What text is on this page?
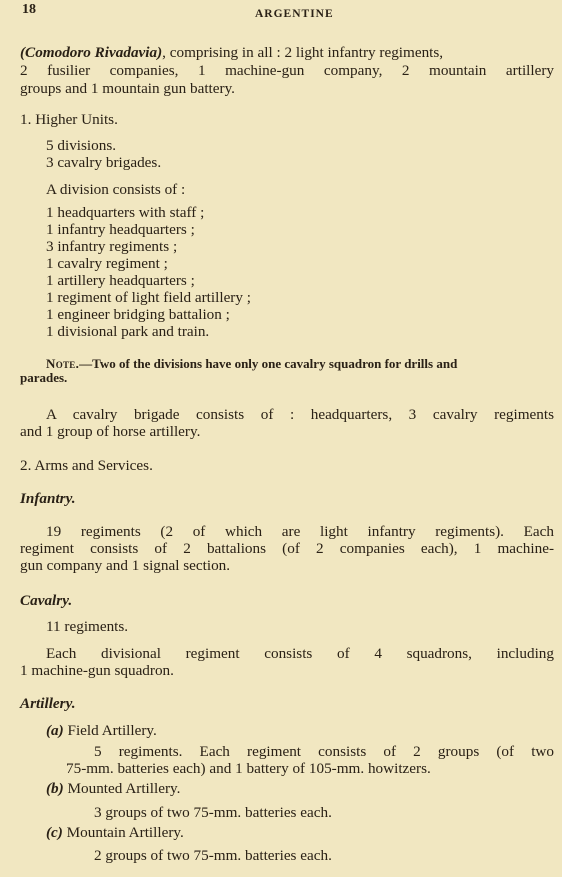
18	ARGENTINE
(Comodoro Rivadavia), comprising in all : 2 light infantry regiments,
2 fusilier companies, 1 machine-gun company, 2 mountain artillery
groups and 1 mountain gun battery.
1. Higher Units.
5 divisions.
3 cavalry brigades.
A division consists of :
1 headquarters with staff ;
1 infantry headquarters ;
3 infantry regiments ;
1 cavalry regiment ;
1 artillery headquarters ;
1 regiment of light field artillery ;
1 engineer bridging battalion ;
1 divisional park and train.
Note.—Two of the divisions have only one cavalry squadron for drills and
parades.
A cavalry brigade consists of : headquarters, 3 cavalry regiments
and 1 group of horse artillery.
2. Arms and Services.
Infantry.
19 regiments (2 of which are light infantry regiments). Each
regiment consists of 2 battalions (of 2 companies each), 1 machine-
gun company and 1 signal section.
Cavalry.
11 regiments.
Each divisional regiment consists of 4 squadrons, including
1 machine-gun squadron.
Artillery.
(a) Field Artillery.
5 regiments. Each regiment consists of 2 groups (of two
75-mm. batteries each) and 1 battery of 105-mm. howitzers.
(b) Mounted Artillery.
3 groups of two 75-mm. batteries each.
(c) Mountain Artillery.
2 groups of two 75-mm. batteries each.
